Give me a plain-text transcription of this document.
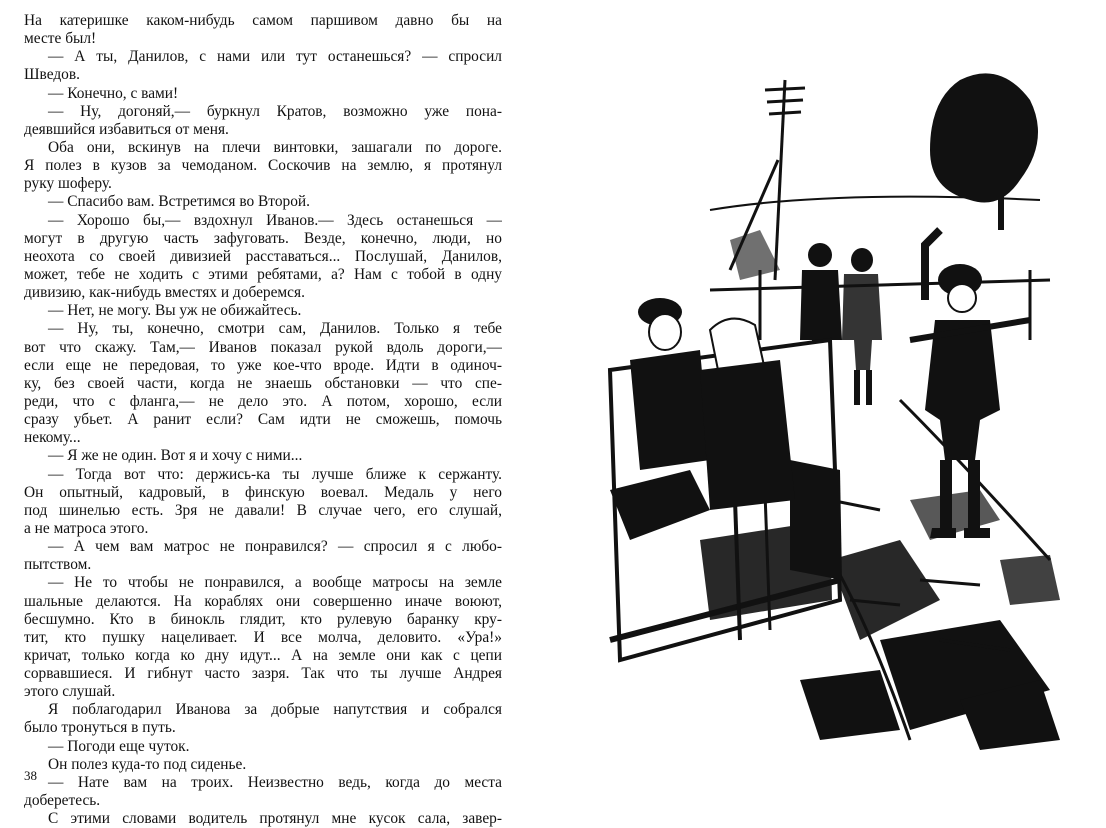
На катеришке каком-нибудь самом паршивом давно бы на
месте был!
— А ты, Данилов, с нами или тут останешься? — спросил
Шведов.
— Конечно, с вами!
— Ну, догоняй,— буркнул Кратов, возможно уже пона-
деявшийся избавиться от меня.
Оба они, вскинув на плечи винтовки, зашагали по дороге.
Я полез в кузов за чемоданом. Соскочив на землю, я протянул
руку шоферу.
— Спасибо вам. Встретимся во Второй.
— Хорошо бы,— вздохнул Иванов.— Здесь останешься —
могут в другую часть зафуговать. Везде, конечно, люди, но
неохота со своей дивизией расставаться... Послушай, Данилов,
может, тебе не ходить с этими ребятами, а? Нам с тобой в одну
дивизию, как-нибудь вместях и доберемся.
— Нет, не могу. Вы уж не обижайтесь.
— Ну, ты, конечно, смотри сам, Данилов. Только я тебе
вот что скажу. Там,— Иванов показал рукой вдоль дороги,—
если еще не передовая, то уже кое-что вроде. Идти в одиноч-
ку, без своей части, когда не знаешь обстановки — что спе-
реди, что с фланга,— не дело это. А потом, хорошо, если
сразу убьет. А ранит если? Сам идти не сможешь, помочь
некому...
— Я же не один. Вот я и хочу с ними...
— Тогда вот что: держись-ка ты лучше ближе к сержанту.
Он опытный, кадровый, в финскую воевал. Медаль у него
под шинелью есть. Зря не давали! В случае чего, его слушай,
а не матроса этого.
— А чем вам матрос не понравился? — спросил я с любо-
пытством.
— Не то чтобы не понравился, а вообще матросы на земле
шальные делаются. На кораблях они совершенно иначе воюют,
бесшумно. Кто в бинокль глядит, кто рулевую баранку кру-
тит, кто пушку нацеливает. И все молча, деловито. «Ура!»
кричат, только когда ко дну идут... А на земле они как с цепи
сорвавшиеся. И гибнут часто зазря. Так что ты лучше Андрея
этого слушай.
Я поблагодарил Иванова за добрые напутствия и собрался
было тронуться в путь.
— Погоди еще чуток.
Он полез куда-то под сиденье.
— Нате вам на троих. Неизвестно ведь, когда до места
доберетесь.
С этими словами водитель протянул мне кусок сала, завер-
38
